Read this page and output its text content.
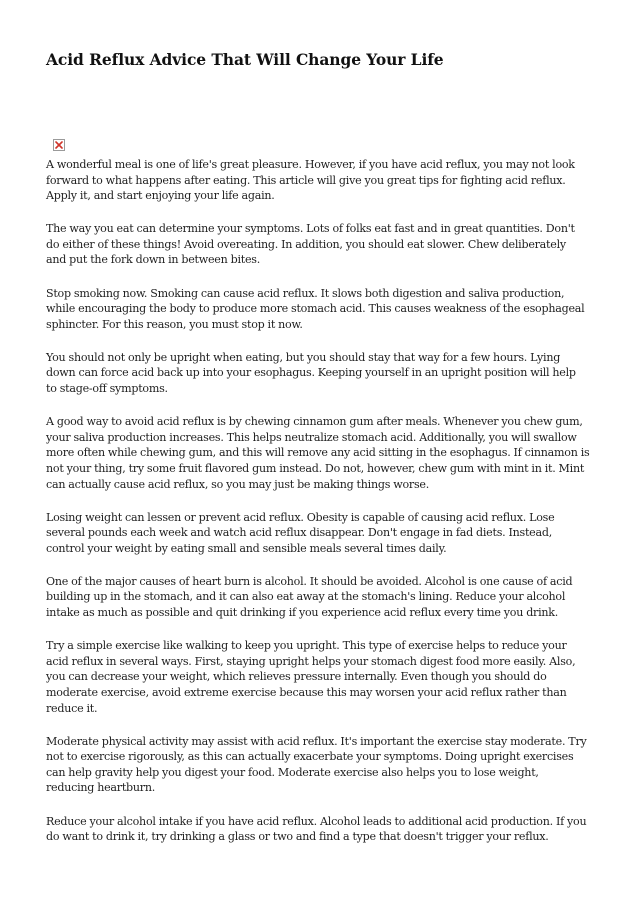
Acid Reflux Advice That Will Change Your Life

A wonderful meal is one of life's great pleasure. However, if you have acid reflux, you may not look
forward to what happens after eating. This article will give you great tips for fighting acid reflux.
Apply it, and start enjoying your life again.

The way you eat can determine your symptoms. Lots of folks eat fast and in great quantities. Don't
do either of these things! Avoid overeating. In addition, you should eat slower. Chew deliberately
and put the fork down in between bites.

Stop smoking now. Smoking can cause acid reflux. It slows both digestion and saliva production,
while encouraging the body to produce more stomach acid. This causes weakness of the esophageal
sphincter. For this reason, you must stop it now.

You should not only be upright when eating, but you should stay that way for a few hours. Lying
down can force acid back up into your esophagus. Keeping yourself in an upright position will help
to stage-off symptoms.

A good way to avoid acid reflux is by chewing cinnamon gum after meals. Whenever you chew gum,
your saliva production increases. This helps neutralize stomach acid. Additionally, you will swallow
more often while chewing gum, and this will remove any acid sitting in the esophagus. If cinnamon is
not your thing, try some fruit flavored gum instead. Do not, however, chew gum with mint in it. Mint
can actually cause acid reflux, so you may just be making things worse.

Losing weight can lessen or prevent acid reflux. Obesity is capable of causing acid reflux. Lose
several pounds each week and watch acid reflux disappear. Don't engage in fad diets. Instead,
control your weight by eating small and sensible meals several times daily.

One of the major causes of heart burn is alcohol. It should be avoided. Alcohol is one cause of acid
building up in the stomach, and it can also eat away at the stomach's lining. Reduce your alcohol
intake as much as possible and quit drinking if you experience acid reflux every time you drink.

Try a simple exercise like walking to keep you upright. This type of exercise helps to reduce your
acid reflux in several ways. First, staying upright helps your stomach digest food more easily. Also,
you can decrease your weight, which relieves pressure internally. Even though you should do
moderate exercise, avoid extreme exercise because this may worsen your acid reflux rather than
reduce it.

Moderate physical activity may assist with acid reflux. It's important the exercise stay moderate. Try
not to exercise rigorously, as this can actually exacerbate your symptoms. Doing upright exercises
can help gravity help you digest your food. Moderate exercise also helps you to lose weight,
reducing heartburn.

Reduce your alcohol intake if you have acid reflux. Alcohol leads to additional acid production. If you
do want to drink it, try drinking a glass or two and find a type that doesn't trigger your reflux.
